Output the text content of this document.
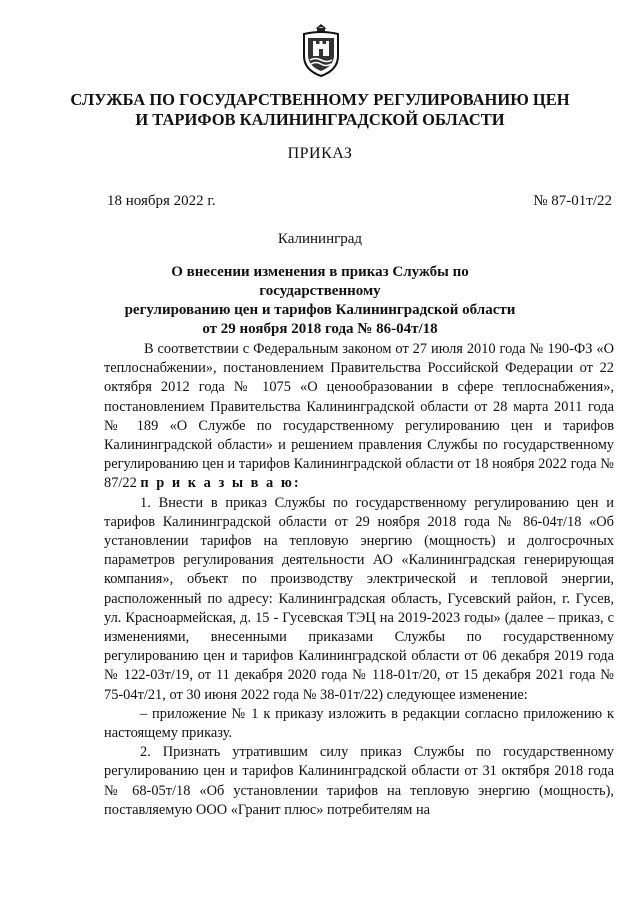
СЛУЖБА ПО ГОСУДАРСТВЕННОМУ РЕГУЛИРОВАНИЮ ЦЕН
И ТАРИФОВ КАЛИНИНГРАДСКОЙ ОБЛАСТИ
ПРИКАЗ
18 ноября 2022 г.	№ 87-01т/22
Калининград
О внесении изменения в приказ Службы по государственному
регулированию цен и тарифов Калининградской области
от 29 ноября 2018 года № 86-04т/18

В соответствии с Федеральным законом от 27 июля 2010 года № 190-ФЗ «О теплоснабжении», постановлением Правительства Российской Федерации от 22 октября 2012 года № 1075 «О ценообразовании в сфере теплоснабжения», постановлением Правительства Калининградской области от 28 марта 2011 года № 189 «О Службе по государственному регулированию цен и тарифов Калининградской области» и решением правления Службы по государственному регулированию цен и тарифов Калининградской области от 18 ноября 2022 года № 87/22 п р и к а з ы в а ю:

1. Внести в приказ Службы по государственному регулированию цен и тарифов Калининградской области от 29 ноября 2018 года № 86-04т/18 «Об установлении тарифов на тепловую энергию (мощность) и долгосрочных параметров регулирования деятельности АО «Калининградская генерирующая компания», объект по производству электрической и тепловой энергии, расположенный по адресу: Калининградская область, Гусевский район, г. Гусев, ул. Красноармейская, д. 15 - Гусевская ТЭЦ на 2019-2023 годы» (далее – приказ, с изменениями, внесенными приказами Службы по государственному регулированию цен и тарифов Калининградской области от 06 декабря 2019 года № 122-03т/19, от 11 декабря 2020 года № 118-01т/20, от 15 декабря 2021 года № 75-04т/21, от 30 июня 2022 года № 38-01т/22) следующее изменение:

– приложение № 1 к приказу изложить в редакции согласно приложению к настоящему приказу.

2. Признать утратившим силу приказ Службы по государственному регулированию цен и тарифов Калининградской области от 31 октября 2018 года № 68-05т/18 «Об установлении тарифов на тепловую энергию (мощность), поставляемую ООО «Гранит плюс» потребителям на
